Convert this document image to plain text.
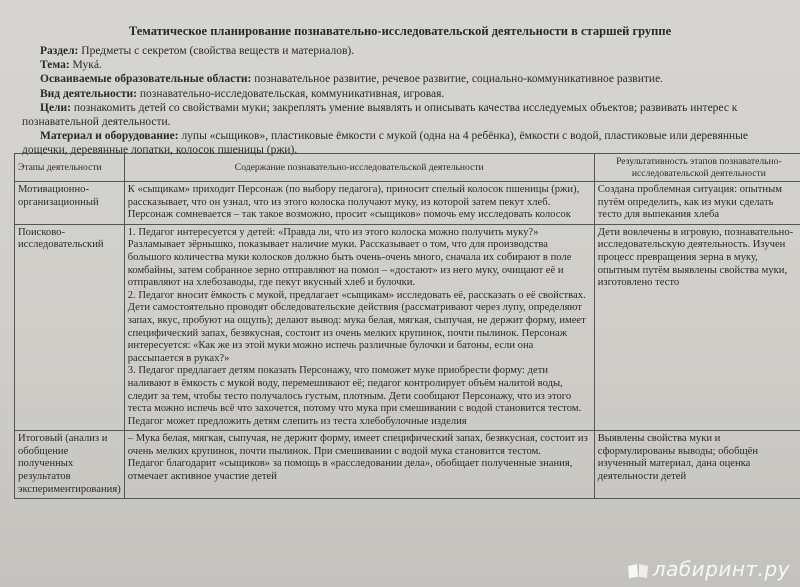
Тематическое планирование познавательно-исследовательской деятельности в старшей группе
Раздел: Предметы с секретом (свойства веществ и материалов).
Тема: Мукá.
Осваиваемые образовательные области: познавательное развитие, речевое развитие, социально-коммуникативное развитие.
Вид деятельности: познавательно-исследовательская, коммуникативная, игровая.
Цели: познакомить детей со свойствами муки; закреплять умение выявлять и описывать качества исследуемых объектов; развивать интерес к познавательной деятельности.
Материал и оборудование: лупы «сыщиков», пластиковые ёмкости с мукой (одна на 4 ребёнка), ёмкости с водой, пластиковые или деревянные дощечки, деревянные лопатки, колосок пшеницы (ржи).
Этапы деятельности	Содержание познавательно-исследовательской деятельности	Результативность этапов познавательно-исследовательской деятельности
Мотивационно-организационный	К «сыщикам» приходит Персонаж (по выбору педагога), приносит спелый колосок пшеницы (ржи), рассказывает, что он узнал, что из этого колоска получают муку, из которой затем пекут хлеб. Персонаж сомневается – так такое возможно, просит «сыщиков» помочь ему исследовать колосок	Создана проблемная ситуация: опытным путём определить, как из муки сделать тесто для выпекания хлеба
Поисково-исследовательский	1. Педагог интересуется у детей: «Правда ли, что из этого колоска можно получить муку?» Разламывает зёрнышко, показывает наличие муки. Рассказывает о том, что для производства большого количества муки колосков должно быть очень-очень много, сначала их собирают в поле комбайны, затем собранное зерно отправляют на помол – «достают» из него муку, очищают её и отправляют на хлебозаводы, где пекут вкусный хлеб и булочки.
2. Педагог вносит ёмкость с мукой, предлагает «сыщикам» исследовать её, рассказать о её свойствах. Дети самостоятельно проводят обследовательские действия (рассматривают через лупу, определяют запах, вкус, пробуют на ощупь); делают вывод: мука белая, мягкая, сыпучая, не держит форму, имеет специфический запах, безвкусная, состоит из очень мелких крупинок, почти пылинок. Персонаж интересуется: «Как же из этой муки можно испечь различные булочки и батоны, если она рассыпается в руках?»
3. Педагог предлагает детям показать Персонажу, что поможет муке приобрести форму: дети наливают в ёмкость с мукой воду, перемешивают её; педагог контролирует объём налитой воды, следит за тем, чтобы тесто получалось густым, плотным. Дети сообщают Персонажу, что из этого теста можно испечь всё что захочется, потому что мука при смешивании с водой становится тестом. Педагог может предложить детям слепить из теста хлебобулочные изделия	Дети вовлечены в игровую, познавательно-исследовательскую деятельность. Изучен процесс превращения зерна в муку, опытным путём выявлены свойства муки, изготовлено тесто
Итоговый (анализ и обобщение полученных результатов экспериментирования)	– Мука белая, мягкая, сыпучая, не держит форму, имеет специфический запах, безвкусная, состоит из очень мелких крупинок, почти пылинок. При смешивании с водой мука становится тестом.
Педагог благодарит «сыщиков» за помощь в «расследовании дела», обобщает полученные знания, отмечает активное участие детей	Выявлены свойства муки и сформулированы выводы; обобщён изученный материал, дана оценка деятельности детей
лабиринт.ру
